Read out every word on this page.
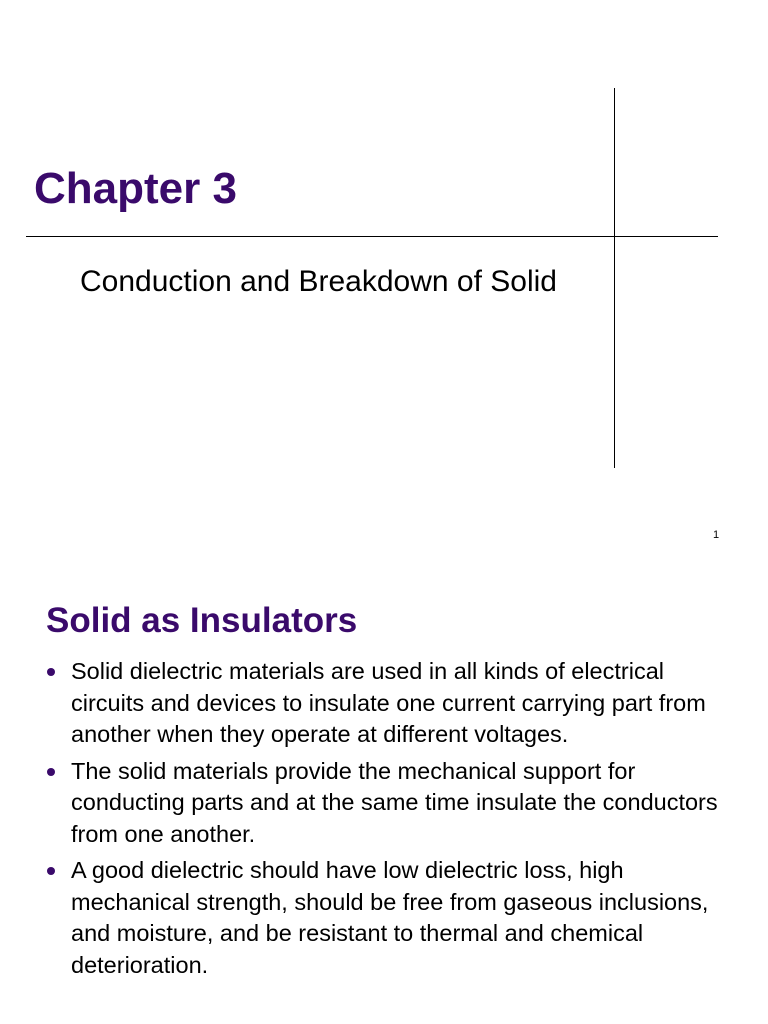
Chapter 3

Conduction and Breakdown of Solid

1
Solid as Insulators
Solid dielectric materials are used in all kinds of electrical circuits and devices to insulate one current carrying part from another when they operate at different voltages.
The solid materials provide the mechanical support for conducting parts and at the same time insulate the conductors from one another.
A good dielectric should have low dielectric loss, high mechanical strength, should be free from gaseous inclusions, and moisture, and be resistant to thermal and chemical deterioration.
